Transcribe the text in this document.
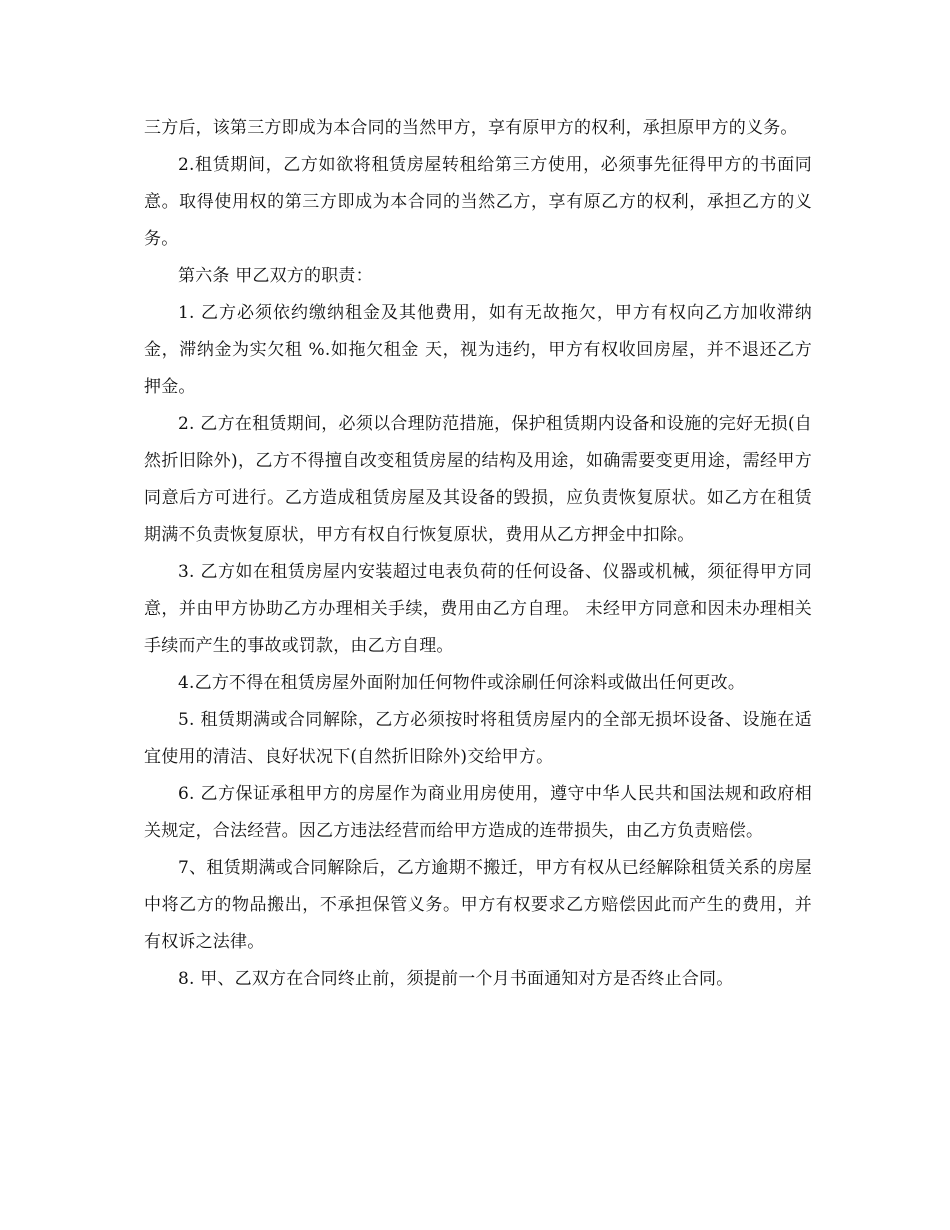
三方后，该第三方即成为本合同的当然甲方，享有原甲方的权利，承担原甲方的义务。

2.租赁期间，乙方如欲将租赁房屋转租给第三方使用，必须事先征得甲方的书面同意。取得使用权的第三方即成为本合同的当然乙方，享有原乙方的权利，承担乙方的义务。

第六条 甲乙双方的职责：

1. 乙方必须依约缴纳租金及其他费用，如有无故拖欠，甲方有权向乙方加收滞纳金，滞纳金为实欠租 %.如拖欠租金 天，视为违约，甲方有权收回房屋，并不退还乙方押金。

2. 乙方在租赁期间，必须以合理防范措施，保护租赁期内设备和设施的完好无损(自然折旧除外)，乙方不得擅自改变租赁房屋的结构及用途，如确需要变更用途，需经甲方同意后方可进行。乙方造成租赁房屋及其设备的毁损，应负责恢复原状。如乙方在租赁期满不负责恢复原状，甲方有权自行恢复原状，费用从乙方押金中扣除。

3. 乙方如在租赁房屋内安装超过电表负荷的任何设备、仪器或机械，须征得甲方同意，并由甲方协助乙方办理相关手续，费用由乙方自理。 未经甲方同意和因未办理相关手续而产生的事故或罚款，由乙方自理。

4.乙方不得在租赁房屋外面附加任何物件或涂刷任何涂料或做出任何更改。

5. 租赁期满或合同解除，乙方必须按时将租赁房屋内的全部无损坏设备、设施在适宜使用的清洁、良好状况下(自然折旧除外)交给甲方。

6. 乙方保证承租甲方的房屋作为商业用房使用，遵守中华人民共和国法规和政府相关规定，合法经营。因乙方违法经营而给甲方造成的连带损失，由乙方负责赔偿。

7、租赁期满或合同解除后，乙方逾期不搬迁，甲方有权从已经解除租赁关系的房屋中将乙方的物品搬出，不承担保管义务。甲方有权要求乙方赔偿因此而产生的费用，并有权诉之法律。

8. 甲、乙双方在合同终止前，须提前一个月书面通知对方是否终止合同。
